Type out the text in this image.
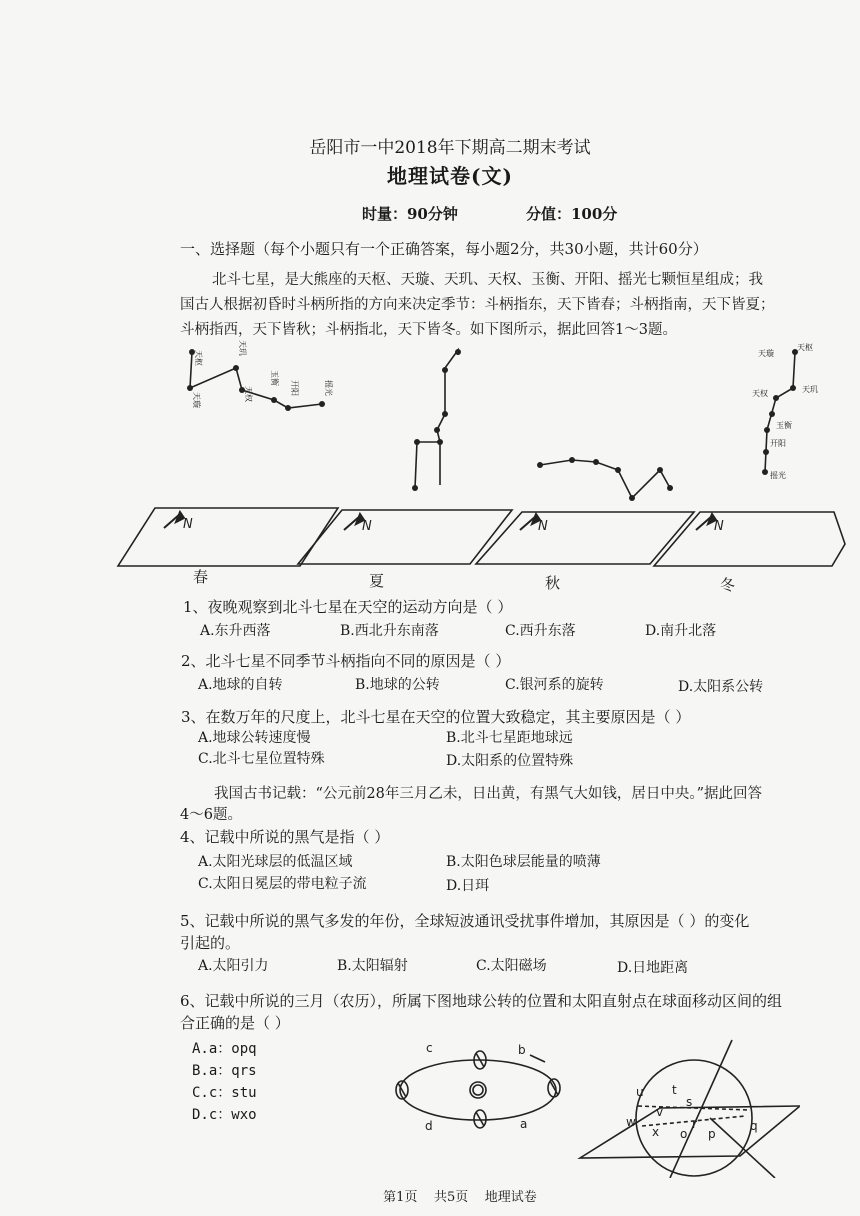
岳阳市一中2018年下期高二期末考试
地理试卷(文)
时量：90分钟	分值：100分
一、选择题（每个小题只有一个正确答案，每小题2分，共30小题，共计60分）
北斗七星，是大熊座的天枢、天璇、天玑、天权、玉衡、开阳、摇光七颗恒星组成；我
国古人根据初昏时斗柄所指的方向来决定季节：斗柄指东，天下皆春；斗柄指南，天下皆夏；
斗柄指西，天下皆秋；斗柄指北，天下皆冬。如下图所示，据此回答1～3题。
天枢
天璇
天玑
天权
玉衡
开阳	摇光
天枢
天璇
天玑
天权
玉衡
开阳
摇光
N	N	N	N
春	夏	秋	冬
1、夜晚观察到北斗七星在天空的运动方向是（ ）
A.东升西落	B.西北升东南落	C.西升东落	D.南升北落
2、北斗七星不同季节斗柄指向不同的原因是（ ）
A.地球的自转	B.地球的公转	C.银河系的旋转	D.太阳系公转
3、在数万年的尺度上，北斗七星在天空的位置大致稳定，其主要原因是（ ）
A.地球公转速度慢	B.北斗七星距地球远
C.北斗七星位置特殊	D.太阳系的位置特殊
我国古书记载：“公元前28年三月乙未，日出黄，有黑气大如钱，居日中央。”据此回答
4～6题。
4、记载中所说的黑气是指（ ）
A.太阳光球层的低温区域	B.太阳色球层能量的喷薄
C.太阳日冕层的带电粒子流	D.日珥
5、记载中所说的黑气多发的年份，全球短波通讯受扰事件增加，其原因是（ ）的变化
引起的。
A.太阳引力	B.太阳辐射	C.太阳磁场	D.日地距离
6、记载中所说的三月（农历），所属下图地球公转的位置和太阳直射点在球面移动区间的组
合正确的是（ ）
A.a：opq
B.a：qrs
C.c：stu
D.c：wxo
c	b
d	a
u t
s
r
v
w
x o p
q
第1页 共5页 地理试卷
